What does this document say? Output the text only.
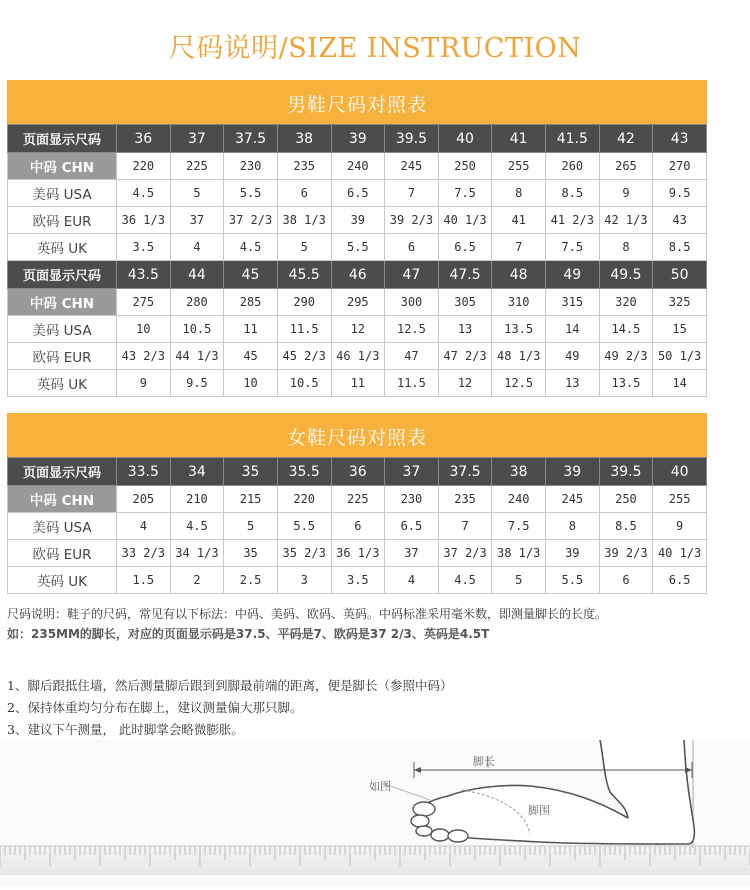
尺码说明/SIZE INSTRUCTION
男鞋尺码对照表
页面显示尺码	36	37	37.5	38	39	39.5	40	41	41.5	42	43
中码 CHN	220	225	230	235	240	245	250	255	260	265	270
美码 USA	4.5	5	5.5	6	6.5	7	7.5	8	8.5	9	9.5
欧码 EUR	36 1/3	37	37 2/3	38 1/3	39	39 2/3	40 1/3	41	41 2/3	42 1/3	43
英码 UK	3.5	4	4.5	5	5.5	6	6.5	7	7.5	8	8.5
页面显示尺码	43.5	44	45	45.5	46	47	47.5	48	49	49.5	50
中码 CHN	275	280	285	290	295	300	305	310	315	320	325
美码 USA	10	10.5	11	11.5	12	12.5	13	13.5	14	14.5	15
欧码 EUR	43 2/3	44 1/3	45	45 2/3	46 1/3	47	47 2/3	48 1/3	49	49 2/3	50 1/3
英码 UK	9	9.5	10	10.5	11	11.5	12	12.5	13	13.5	14
女鞋尺码对照表
页面显示尺码	33.5	34	35	35.5	36	37	37.5	38	39	39.5	40
中码 CHN	205	210	215	220	225	230	235	240	245	250	255
美码 USA	4	4.5	5	5.5	6	6.5	7	7.5	8	8.5	9
欧码 EUR	33 2/3	34 1/3	35	35 2/3	36 1/3	37	37 2/3	38 1/3	39	39 2/3	40 1/3
英码 UK	1.5	2	2.5	3	3.5	4	4.5	5	5.5	6	6.5
尺码说明：鞋子的尺码，常见有以下标法：中码、美码、欧码、英码。中码标准采用毫米数，即测量脚长的长度。
如：235MM的脚长，对应的页面显示码是37.5、平码是7、欧码是37 2/3、英码是4.5T
1、脚后跟抵住墙，然后测量脚后跟到到脚最前端的距离，便是脚长（参照中码）
2、保持体重均匀分布在脚上，建议测量偏大那只脚。
3、建议下午测量， 此时脚掌会略微膨胀。
脚长
脚围
如图
